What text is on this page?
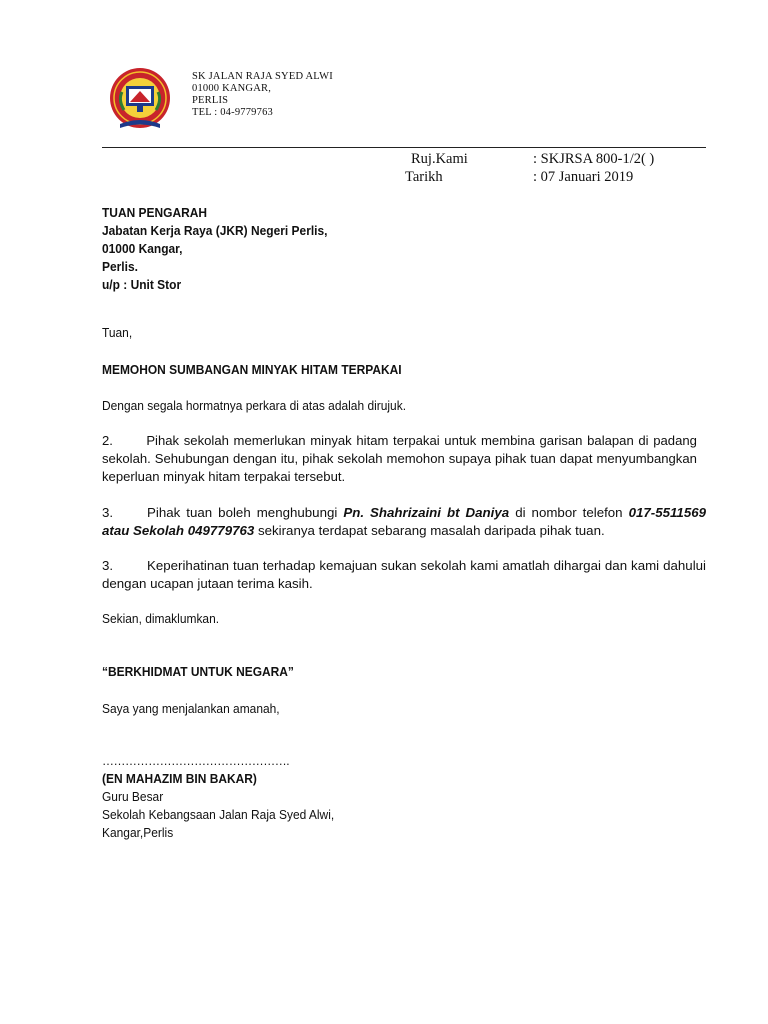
SK JALAN RAJA SYED ALWI
01000 KANGAR,
PERLIS
TEL : 04-9779763
Ruj.Kami	: SKJRSA 800-1/2( )
Tarikh	: 07 Januari 2019
TUAN PENGARAH
Jabatan Kerja Raya (JKR) Negeri Perlis,
01000 Kangar,
Perlis.
u/p : Unit Stor
Tuan,
MEMOHON SUMBANGAN MINYAK HITAM TERPAKAI
Dengan segala hormatnya perkara di atas adalah dirujuk.
2.	Pihak sekolah memerlukan minyak hitam terpakai untuk membina garisan balapan di padang sekolah. Sehubungan dengan itu, pihak sekolah memohon supaya pihak tuan dapat menyumbangkan keperluan minyak hitam terpakai tersebut.
3.	Pihak tuan boleh menghubungi Pn. Shahrizaini bt Daniya di nombor telefon 017-5511569 atau Sekolah 049779763 sekiranya terdapat sebarang masalah daripada pihak tuan.
3.	Keperihatinan tuan terhadap kemajuan sukan sekolah kami amatlah dihargai dan kami dahului dengan ucapan jutaan terima kasih.
Sekian, dimaklumkan.
“BERKHIDMAT UNTUK NEGARA”
Saya yang menjalankan amanah,
………………………………………….
(EN MAHAZIM BIN BAKAR)
Guru Besar
Sekolah Kebangsaan Jalan Raja Syed Alwi,
Kangar,Perlis
